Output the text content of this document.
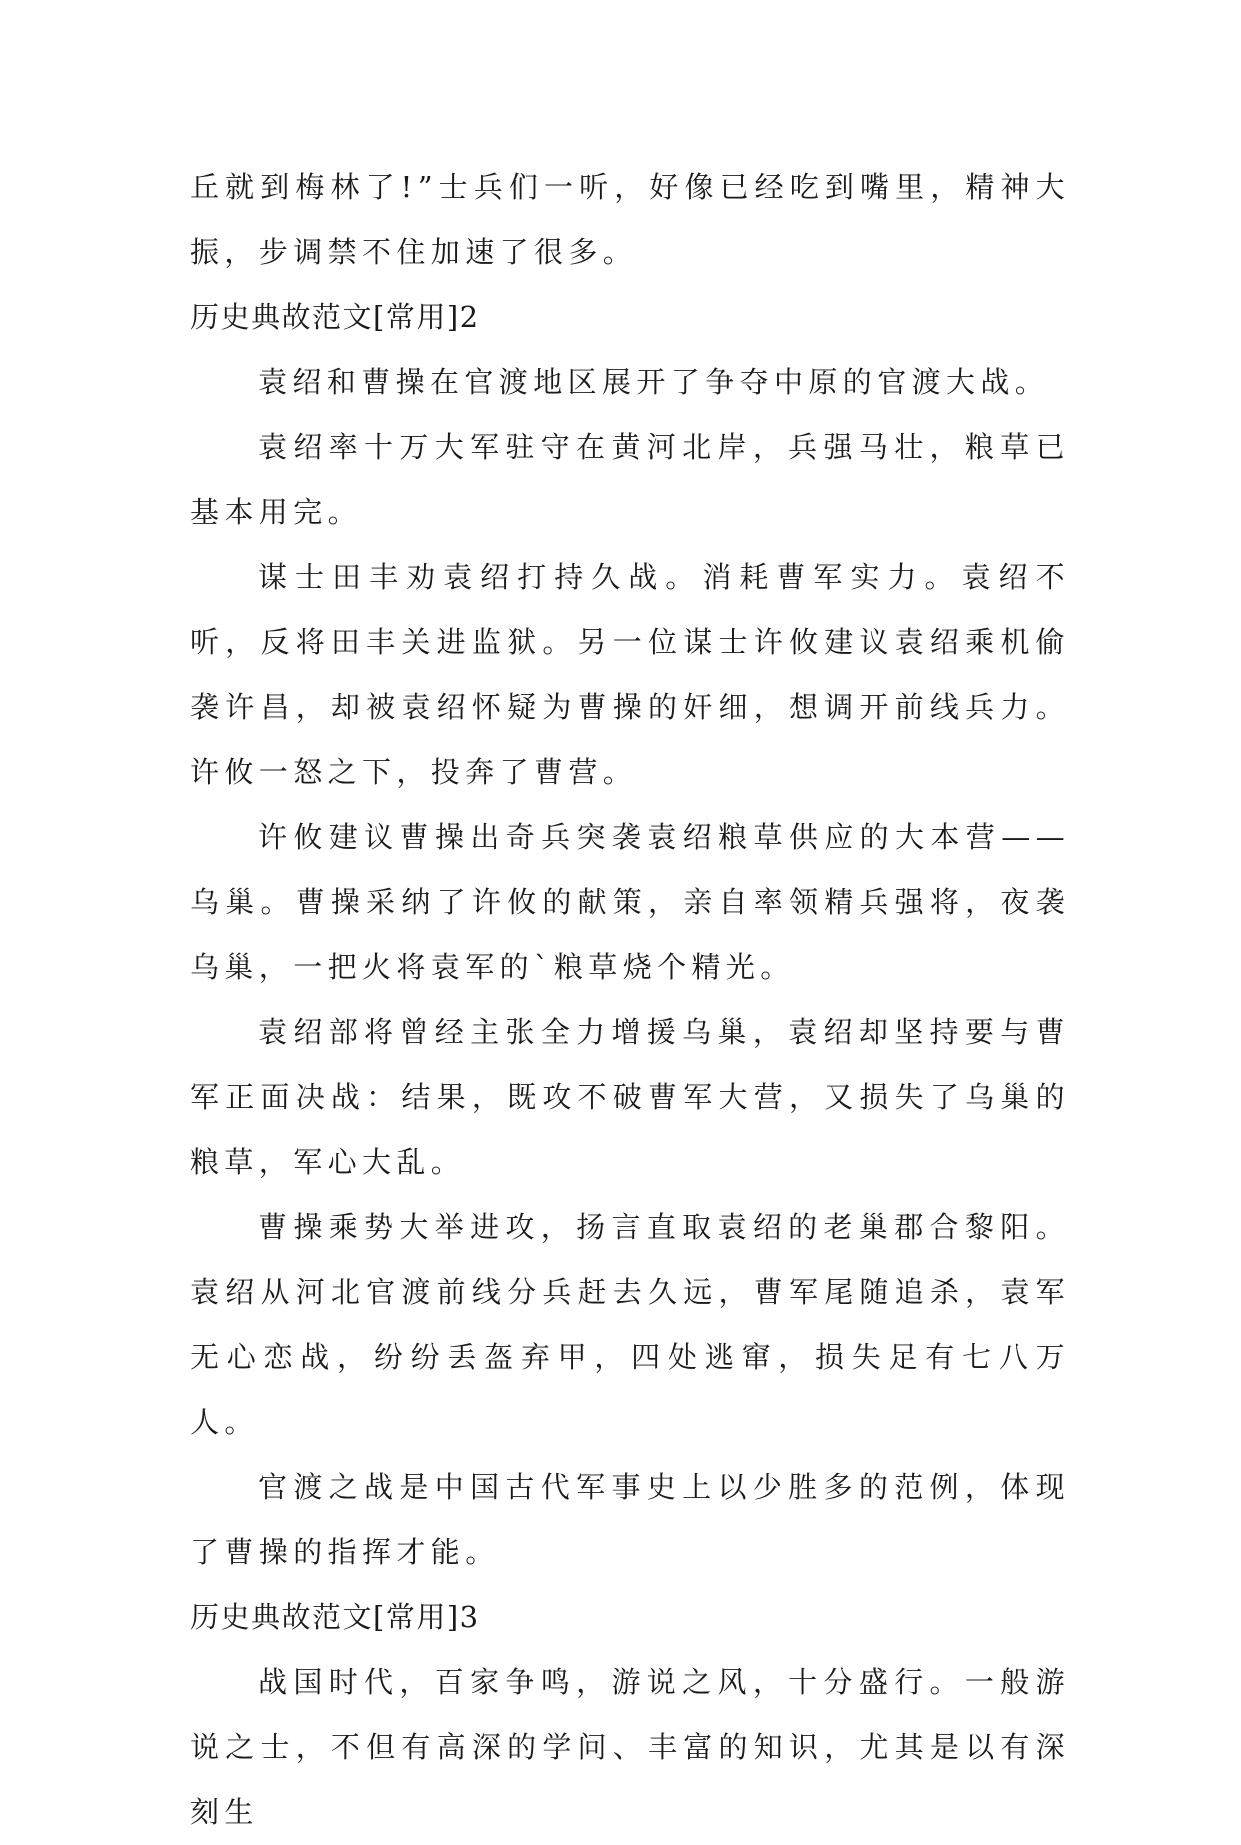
丘就到梅林了!”士兵们一听，好像已经吃到嘴里，精神大振，步调禁不住加速了很多。

历史典故范文[常用]2

袁绍和曹操在官渡地区展开了争夺中原的官渡大战。

袁绍率十万大军驻守在黄河北岸，兵强马壮，粮草已基本用完。

谋士田丰劝袁绍打持久战。消耗曹军实力。袁绍不听，反将田丰关进监狱。另一位谋士许攸建议袁绍乘机偷袭许昌，却被袁绍怀疑为曹操的奸细，想调开前线兵力。许攸一怒之下，投奔了曹营。

许攸建议曹操出奇兵突袭袁绍粮草供应的大本营——乌巢。曹操采纳了许攸的献策，亲自率领精兵强将，夜袭乌巢，一把火将袁军的`粮草烧个精光。

袁绍部将曾经主张全力增援乌巢，袁绍却坚持要与曹军正面决战：结果，既攻不破曹军大营，又损失了乌巢的粮草，军心大乱。

曹操乘势大举进攻，扬言直取袁绍的老巢郡合黎阳。袁绍从河北官渡前线分兵赶去久远，曹军尾随追杀，袁军无心恋战，纷纷丢盔弃甲，四处逃窜，损失足有七八万人。

官渡之战是中国古代军事史上以少胜多的范例，体现了曹操的指挥才能。

历史典故范文[常用]3

战国时代，百家争鸣，游说之风，十分盛行。一般游说之士，不但有高深的学问、丰富的知识，尤其是以有深刻生
